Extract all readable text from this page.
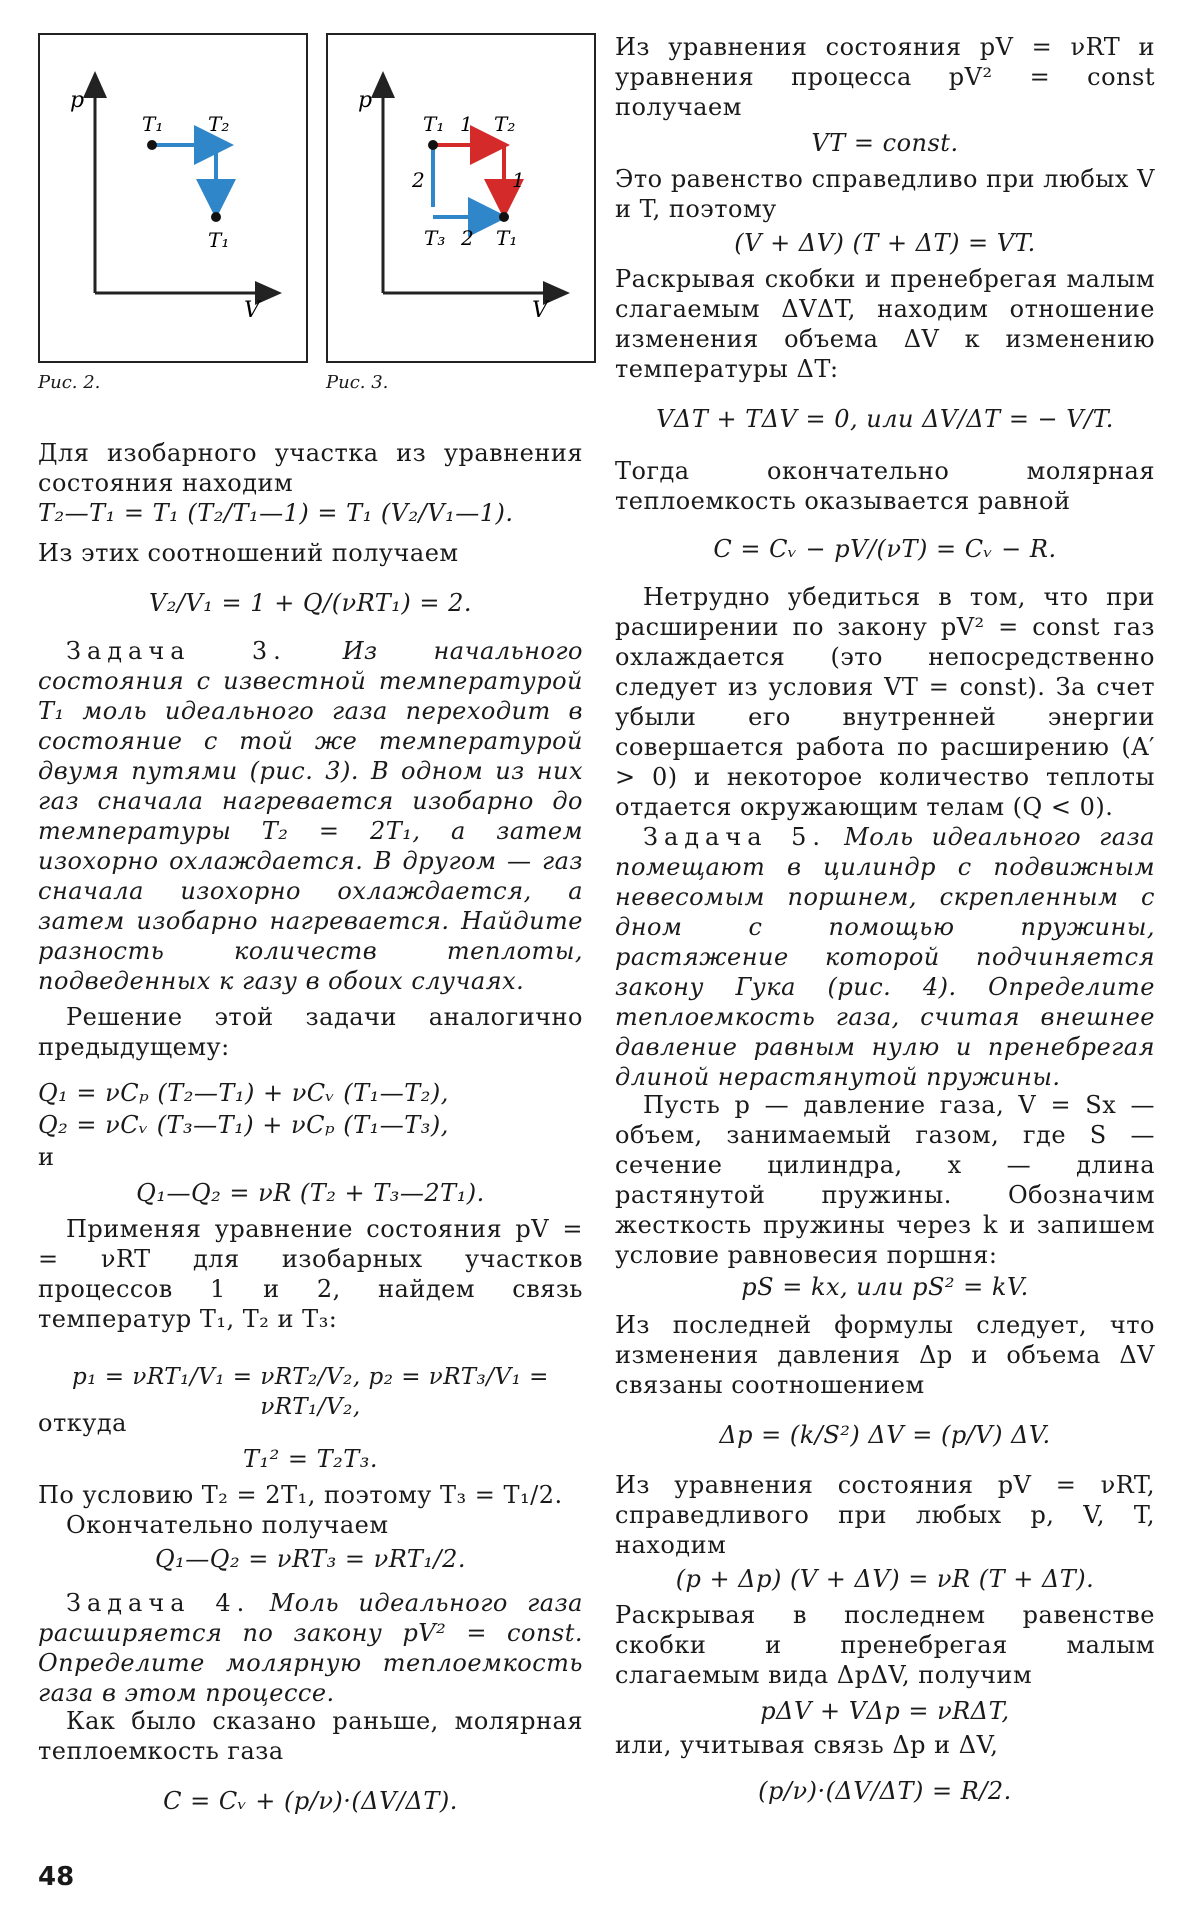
p
V
T₁ T₂
T₁
Рис. 2.
p
V
T₁ 1 T₂
2	1
T₃ 2 T₁
Рис. 3.

Для изобарного участка из уравнения состояния находим

T₂—T₁ = T₁ (T₂/T₁—1) = T₁ (V₂/V₁—1).

Из этих соотношений получаем

V₂/V₁ = 1 + Q/(νRT₁) = 2.

Задача 3. Из начального состояния с известной температурой T₁ моль идеального газа переходит в состояние с той же температурой двумя путями (рис. 3). В одном из них газ сначала нагревается изобарно до температуры T₂ = 2T₁, а затем изохорно охлаждается. В другом — газ сначала изохорно охлаждается, а затем изобарно нагревается. Найдите разность количеств теплоты, подведенных к газу в обоих случаях.

Решение этой задачи аналогично предыдущему:

Q₁ = νCₚ (T₂—T₁) + νCᵥ (T₁—T₂),

Q₂ = νCᵥ (T₃—T₁) + νCₚ (T₁—T₃),

и

Q₁—Q₂ = νR (T₂ + T₃—2T₁).

Применяя уравнение состояния pV = = νRT для изобарных участков процессов 1 и 2, найдем связь температур T₁, T₂ и T₃:

p₁ = νRT₁/V₁ = νRT₂/V₂, p₂ = νRT₃/V₁ = νRT₁/V₂,

откуда

T₁² = T₂T₃.

По условию T₂ = 2T₁, поэтому T₃ = T₁/2.

Окончательно получаем

Q₁—Q₂ = νRT₃ = νRT₁/2.

Задача 4. Моль идеального газа расширяется по закону pV² = const. Определите молярную теплоемкость газа в этом процессе.

Как было сказано раньше, молярная теплоемкость газа

C = Cᵥ + (p/ν)·(ΔV/ΔT).

Из уравнения состояния pV = νRT и уравнения процесса pV² = const получаем

VT = const.

Это равенство справедливо при любых V и T, поэтому

(V + ΔV) (T + ΔT) = VT.

Раскрывая скобки и пренебрегая малым слагаемым ΔVΔT, находим отношение изменения объема ΔV к изменению температуры ΔT:

VΔT + TΔV = 0, или ΔV/ΔT = − V/T.

Тогда окончательно молярная теплоемкость оказывается равной

C = Cᵥ − pV/(νT) = Cᵥ − R.

Нетрудно убедиться в том, что при расширении по закону pV² = const газ охлаждается (это непосредственно следует из условия VT = const). За счет убыли его внутренней энергии совершается работа по расширению (A′ > 0) и некоторое количество теплоты отдается окружающим телам (Q < 0).

Задача 5. Моль идеального газа помещают в цилиндр с подвижным невесомым поршнем, скрепленным с дном с помощью пружины, растяжение которой подчиняется закону Гука (рис. 4). Определите теплоемкость газа, считая внешнее давление равным нулю и пренебрегая длиной нерастянутой пружины.

Пусть p — давление газа, V = Sx — объем, занимаемый газом, где S — сечение цилиндра, x — длина растянутой пружины. Обозначим жесткость пружины через k и запишем условие равновесия поршня:

pS = kx, или pS² = kV.

Из последней формулы следует, что изменения давления Δp и объема ΔV связаны соотношением

Δp = (k/S²) ΔV = (p/V) ΔV.

Из уравнения состояния pV = νRT, справедливого при любых p, V, T, находим

(p + Δp) (V + ΔV) = νR (T + ΔT).

Раскрывая в последнем равенстве скобки и пренебрегая малым слагаемым вида ΔpΔV, получим

pΔV + VΔp = νRΔT,

или, учитывая связь Δp и ΔV,

(p/ν)·(ΔV/ΔT) = R/2.

48
